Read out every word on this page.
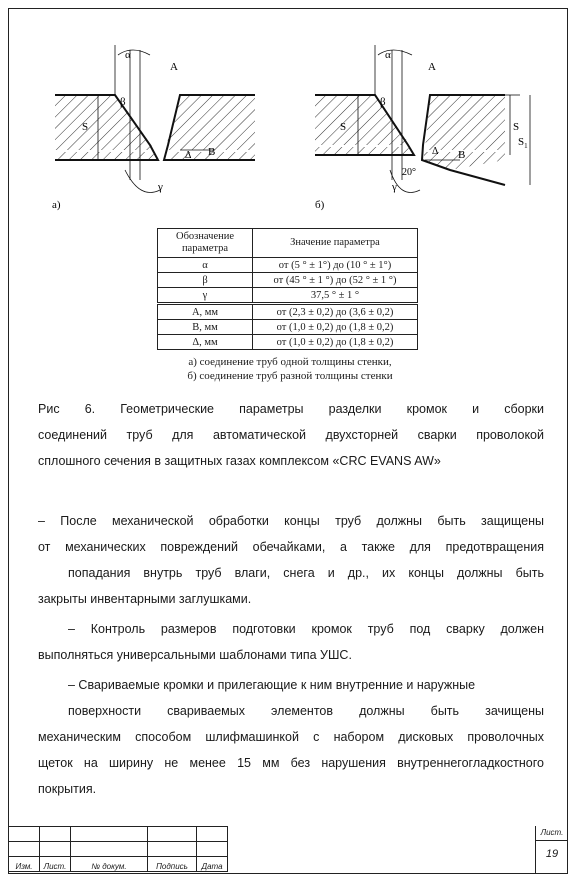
α
A
β
S
Δ B
γ
а)
α
A
β
S	S
$S_1$
Δ B
20°
γ
б)
Обозначение параметра	Значение параметра
α	от (5 ° ± 1°) до (10 ° ± 1°)
β	от (45 ° ± 1 °) до (52 ° ± 1 °)
γ	37,5 ° ± 1 °
А, мм	от (2,3 ± 0,2) до (3,6 ± 0,2)
В, мм	от (1,0 ± 0,2) до (1,8 ± 0,2)
Δ, мм	от (1,0 ± 0,2) до (1,8 ± 0,2)
а) соединение труб одной толщины стенки,
б) соединение труб разной толщины стенки
Рис 6. Геометрические параметры разделки кромок и сборки
соединений труб для автоматической двухсторней сварки проволокой
сплошного сечения в защитных газах комплексом «CRC EVANS AW»
– После механической обработки концы труб должны быть защищены
от механических повреждений обечайками, а также для предотвращения
попадания внутрь труб влаги, снега и др., их концы должны быть
закрыты инвентарными заглушками.
– Контроль размеров подготовки кромок труб под сварку должен
выполняться универсальными шаблонами типа УШС.
– Свариваемые кромки и прилегающие к ним внутренние и наружные
поверхности свариваемых элементов должны быть зачищены
механическим способом шлифмашинкой с набором дисковых проволочных
щеток на ширину не менее 15 мм без нарушения внутреннегогладкостного
покрытия.

Изм.	Лист.	№ докум.	Подпись	Дата
Лист.
19
